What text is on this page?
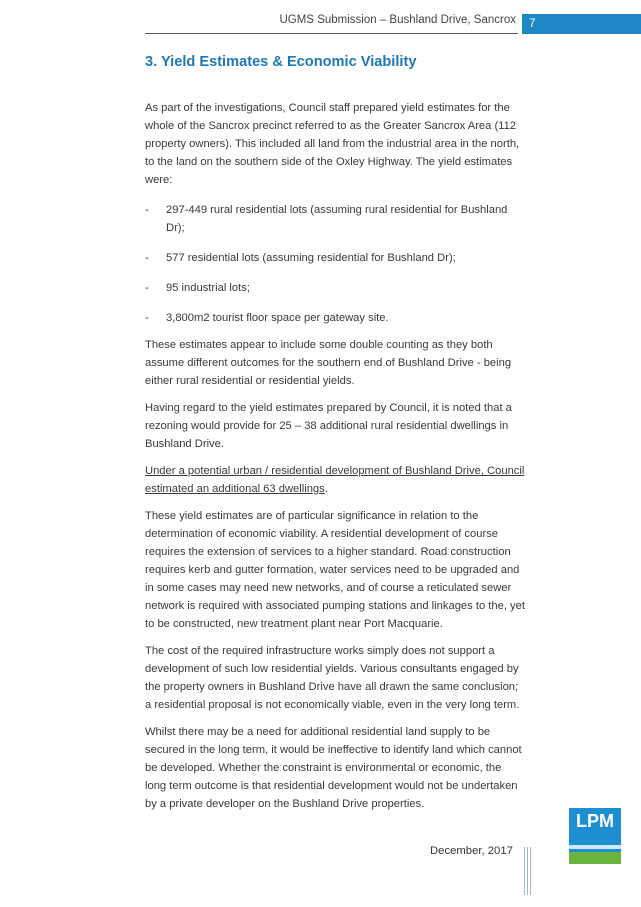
UGMS Submission – Bushland Drive, Sancrox	7
3. Yield Estimates & Economic Viability

As part of the investigations, Council staff prepared yield estimates for the whole of the Sancrox precinct referred to as the Greater Sancrox Area (112 property owners). This included all land from the industrial area in the north, to the land on the southern side of the Oxley Highway. The yield estimates were:

- 297-449 rural residential lots (assuming rural residential for Bushland Dr);
- 577 residential lots (assuming residential for Bushland Dr);
- 95 industrial lots;
- 3,800m2 tourist floor space per gateway site.

These estimates appear to include some double counting as they both assume different outcomes for the southern end of Bushland Drive - being either rural residential or residential yields.

Having regard to the yield estimates prepared by Council, it is noted that a rezoning would provide for 25 – 38 additional rural residential dwellings in Bushland Drive.

Under a potential urban / residential development of Bushland Drive, Council estimated an additional 63 dwellings.

These yield estimates are of particular significance in relation to the determination of economic viability. A residential development of course requires the extension of services to a higher standard. Road construction requires kerb and gutter formation, water services need to be upgraded and in some cases may need new networks, and of course a reticulated sewer network is required with associated pumping stations and linkages to the, yet to be constructed, new treatment plant near Port Macquarie.

The cost of the required infrastructure works simply does not support a development of such low residential yields. Various consultants engaged by the property owners in Bushland Drive have all drawn the same conclusion; a residential proposal is not economically viable, even in the very long term.

Whilst there may be a need for additional residential land supply to be secured in the long term, it would be ineffective to identify land which cannot be developed. Whether the constraint is environmental or economic, the long term outcome is that residential development would not be undertaken by a private developer on the Bushland Drive properties.

December, 2017
LPM
